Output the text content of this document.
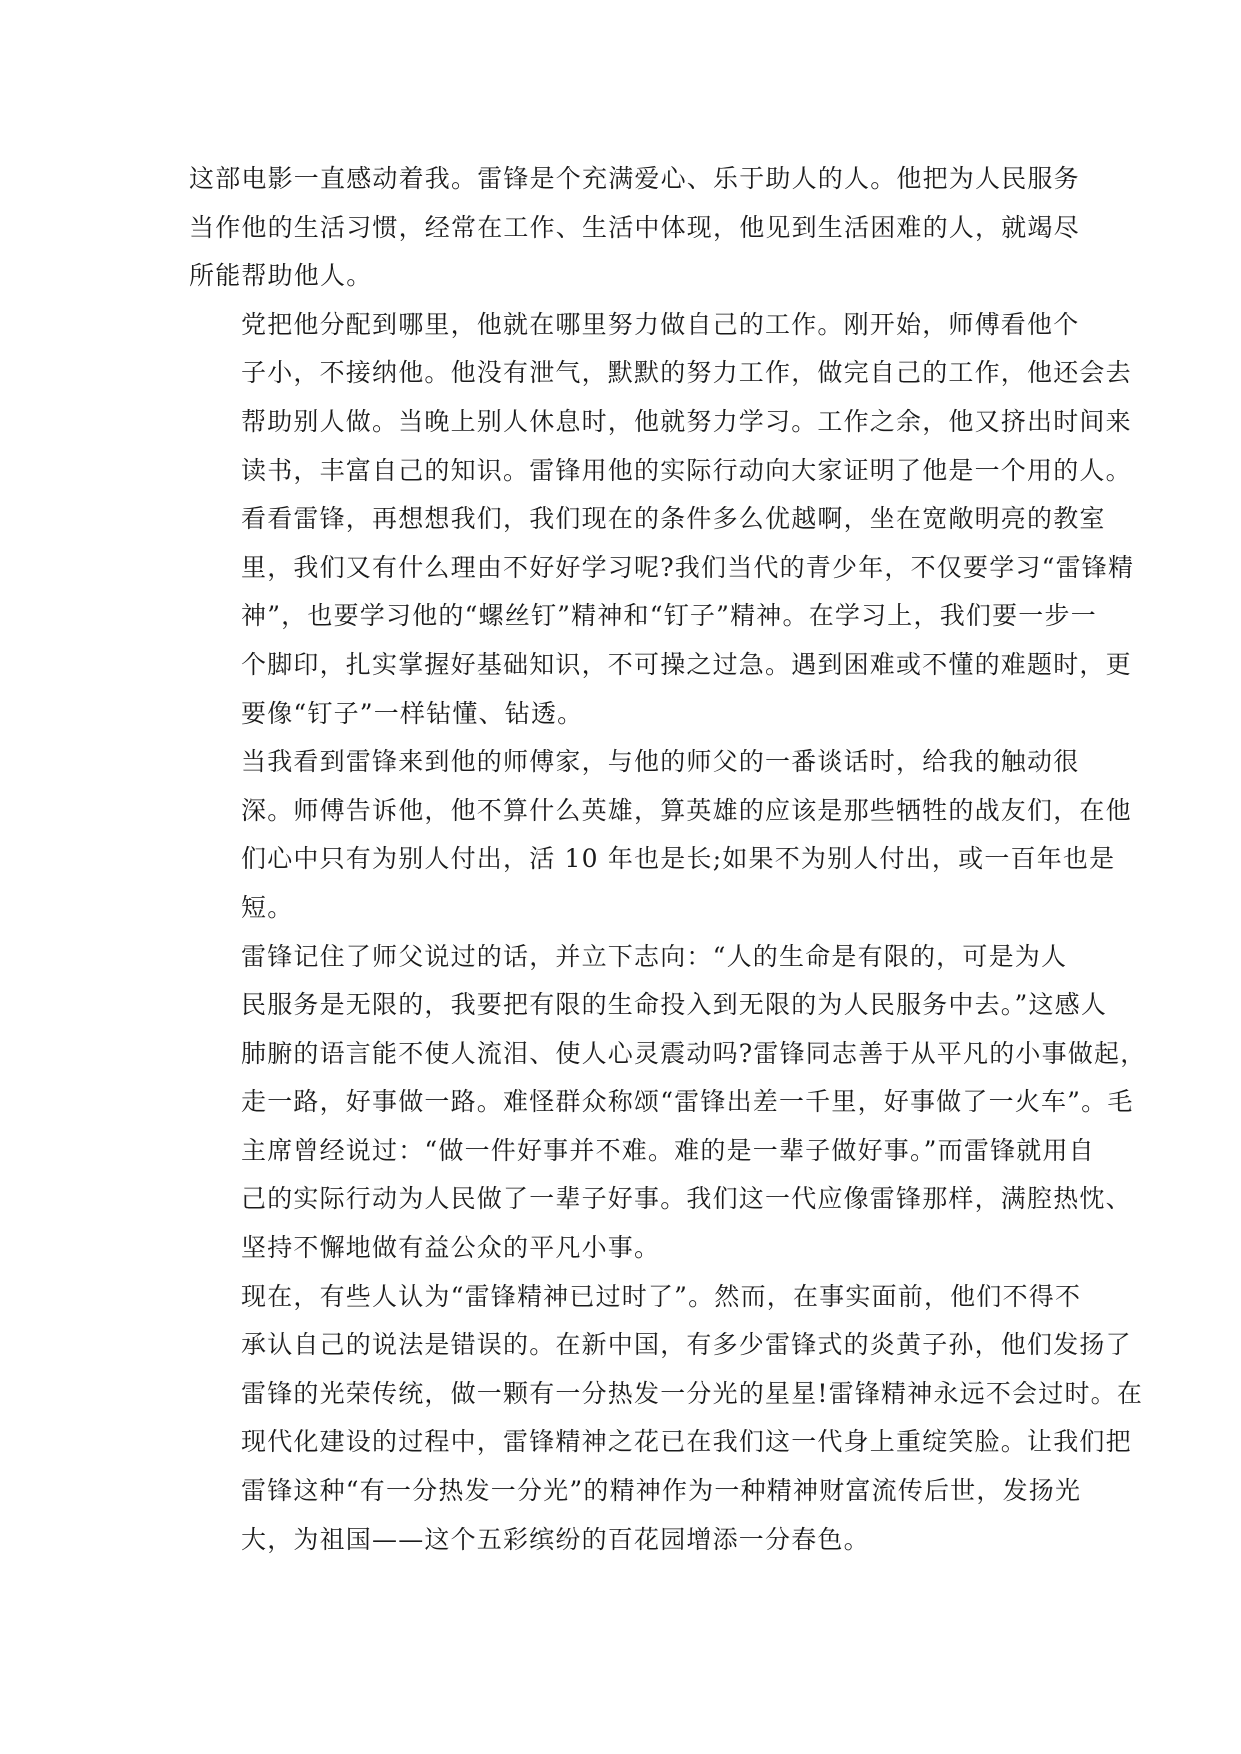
这部电影一直感动着我。雷锋是个充满爱心、乐于助人的人。他把为人民服务
当作他的生活习惯，经常在工作、生活中体现，他见到生活困难的人，就竭尽
所能帮助他人。

党把他分配到哪里，他就在哪里努力做自己的工作。刚开始，师傅看他个
子小，不接纳他。他没有泄气，默默的努力工作，做完自己的工作，他还会去
帮助别人做。当晚上别人休息时，他就努力学习。工作之余，他又挤出时间来
读书，丰富自己的知识。雷锋用他的实际行动向大家证明了他是一个用的人。
看看雷锋，再想想我们，我们现在的条件多么优越啊，坐在宽敞明亮的教室
里，我们又有什么理由不好好学习呢?我们当代的青少年，不仅要学习“雷锋精
神”，也要学习他的“螺丝钉”精神和“钉子”精神。在学习上，我们要一步一
个脚印，扎实掌握好基础知识，不可操之过急。遇到困难或不懂的难题时，更
要像“钉子”一样钻懂、钻透。

当我看到雷锋来到他的师傅家，与他的师父的一番谈话时，给我的触动很
深。师傅告诉他，他不算什么英雄，算英雄的应该是那些牺牲的战友们，在他
们心中只有为别人付出，活 10 年也是长;如果不为别人付出，或一百年也是
短。

雷锋记住了师父说过的话，并立下志向：“人的生命是有限的，可是为人
民服务是无限的，我要把有限的生命投入到无限的为人民服务中去。”这感人
肺腑的语言能不使人流泪、使人心灵震动吗?雷锋同志善于从平凡的小事做起，
走一路，好事做一路。难怪群众称颂“雷锋出差一千里，好事做了一火车”。毛
主席曾经说过：“做一件好事并不难。难的是一辈子做好事。”而雷锋就用自
己的实际行动为人民做了一辈子好事。我们这一代应像雷锋那样，满腔热忱、
坚持不懈地做有益公众的平凡小事。

现在，有些人认为“雷锋精神已过时了”。然而，在事实面前，他们不得不
承认自己的说法是错误的。在新中国，有多少雷锋式的炎黄子孙，他们发扬了
雷锋的光荣传统，做一颗有一分热发一分光的星星!雷锋精神永远不会过时。在
现代化建设的过程中，雷锋精神之花已在我们这一代身上重绽笑脸。让我们把
雷锋这种“有一分热发一分光”的精神作为一种精神财富流传后世，发扬光
大，为祖国——这个五彩缤纷的百花园增添一分春色。
